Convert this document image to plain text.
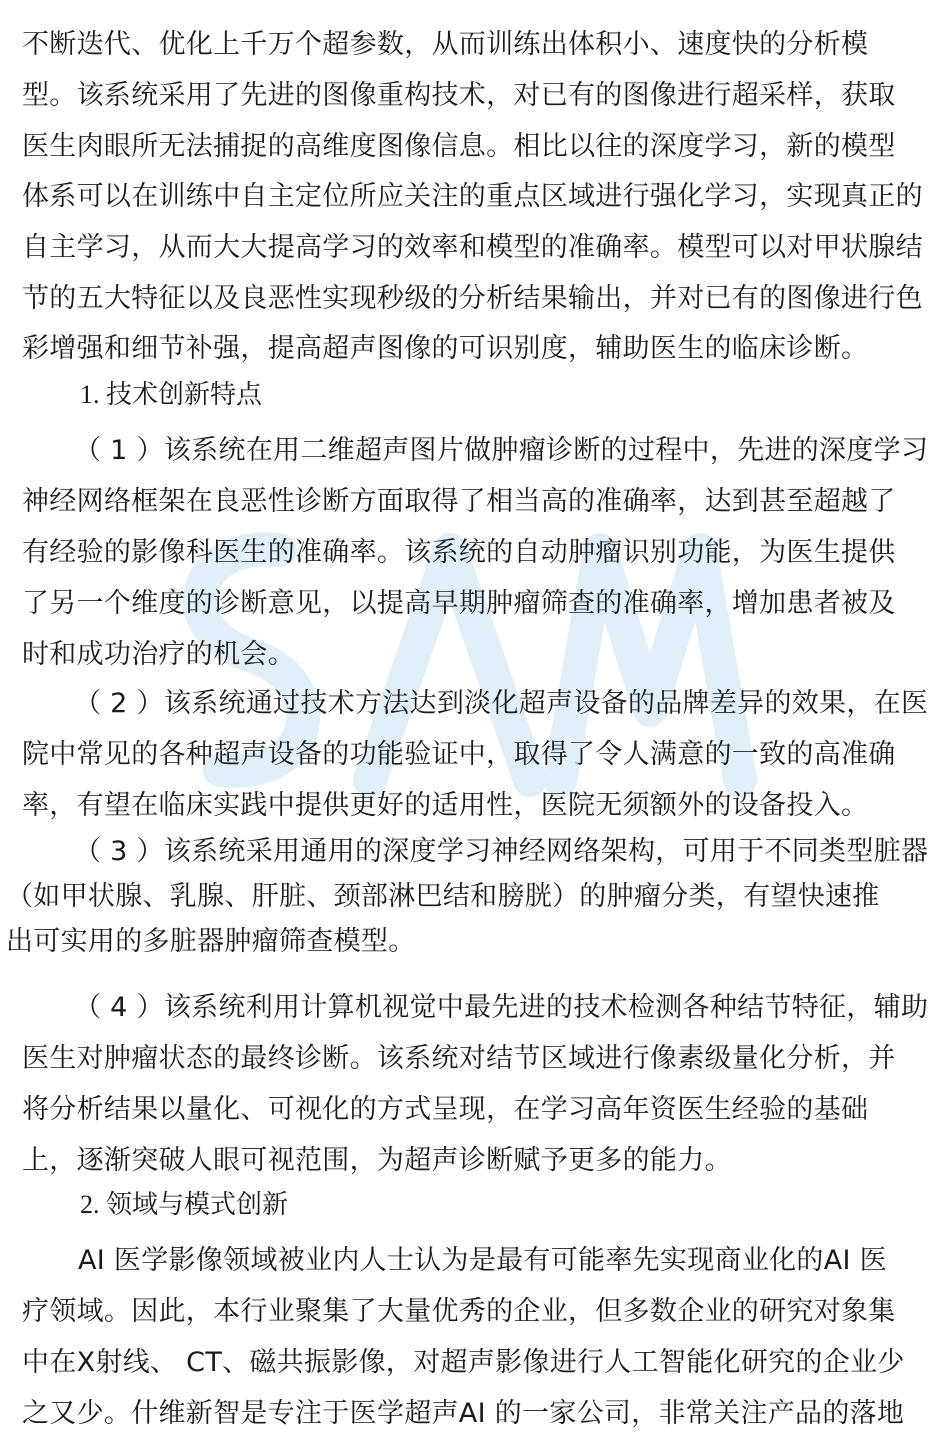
不断迭代、优化上千万个超参数，从而训练出体积小、速度快的分析模
型。该系统采用了先进的图像重构技术，对已有的图像进行超采样，获取
医生肉眼所无法捕捉的高维度图像信息。相比以往的深度学习，新的模型
体系可以在训练中自主定位所应关注的重点区域进行强化学习，实现真正的
自主学习，从而大大提高学习的效率和模型的准确率。模型可以对甲状腺结
节的五大特征以及良恶性实现秒级的分析结果输出，并对已有的图像进行色
彩增强和细节补强，提高超声图像的可识别度，辅助医生的临床诊断。
1. 技术创新特点
（ 1 ）该系统在用二维超声图片做肿瘤诊断的过程中，先进的深度学习
神经网络框架在良恶性诊断方面取得了相当高的准确率，达到甚至超越了
有经验的影像科医生的准确率。该系统的自动肿瘤识别功能，为医生提供
了另一个维度的诊断意见，以提高早期肿瘤筛查的准确率，增加患者被及
时和成功治疗的机会。
（ 2 ）该系统通过技术方法达到淡化超声设备的品牌差异的效果，在医
院中常见的各种超声设备的功能验证中，取得了令人满意的一致的高准确
率，有望在临床实践中提供更好的适用性，医院无须额外的设备投入。
（ 3 ）该系统采用通用的深度学习神经网络架构，可用于不同类型脏器
（如甲状腺、乳腺、肝脏、颈部淋巴结和膀胱）的肿瘤分类，有望快速推
出可实用的多脏器肿瘤筛查模型。
（ 4 ）该系统利用计算机视觉中最先进的技术检测各种结节特征，辅助
医生对肿瘤状态的最终诊断。该系统对结节区域进行像素级量化分析，并
将分析结果以量化、可视化的方式呈现，在学习高年资医生经验的基础
上，逐渐突破人眼可视范围，为超声诊断赋予更多的能力。
2. 领域与模式创新
AI 医学影像领域被业内人士认为是最有可能率先实现商业化的AI 医
疗领域。因此，本行业聚集了大量优秀的企业，但多数企业的研究对象集
中在X射线、 CT、磁共振影像，对超声影像进行人工智能化研究的企业少
之又少。什维新智是专注于医学超声AI 的一家公司，非常关注产品的落地
